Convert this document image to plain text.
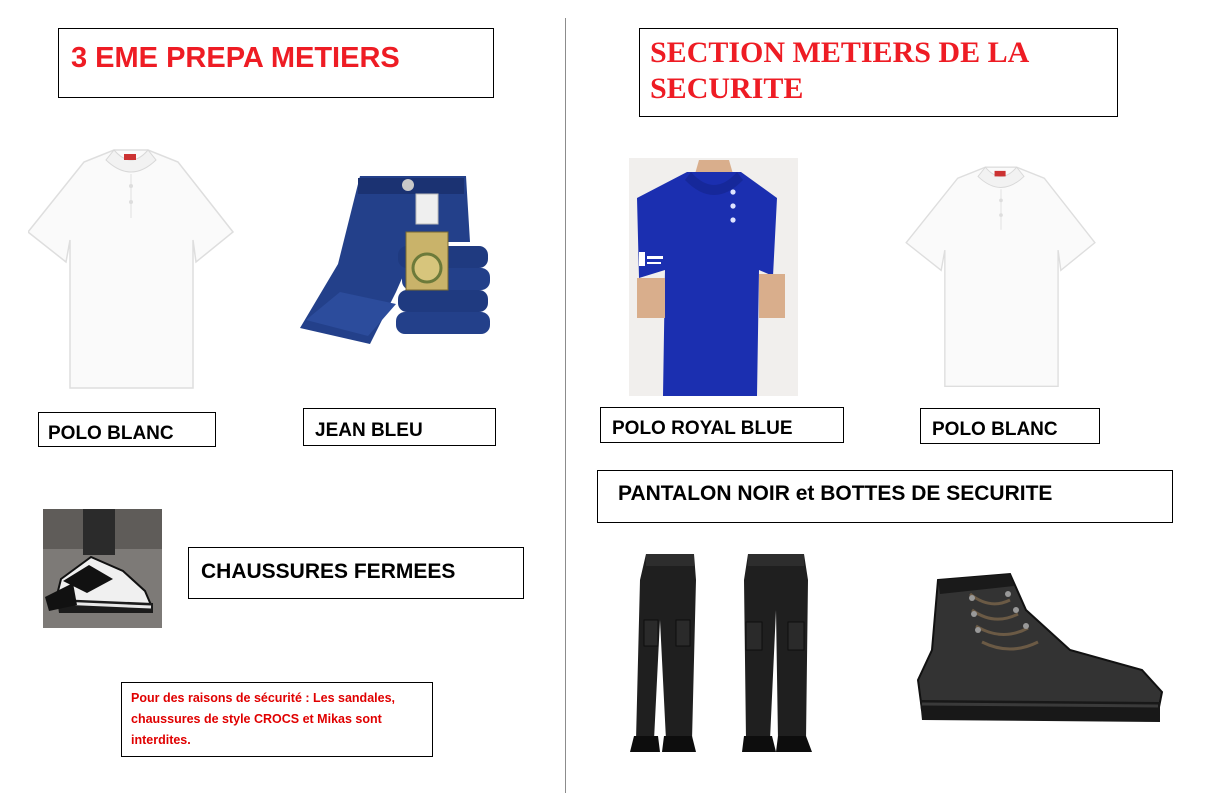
3 EME PREPA METIERS
POLO BLANC	JEAN BLEU
CHAUSSURES FERMEES
Pour des raisons de sécurité : Les sandales, chaussures de style CROCS et Mikas sont interdites.
SECTION METIERS DE LA
SECURITE
POLO ROYAL BLUE	POLO BLANC
PANTALON NOIR et BOTTES DE SECURITE
